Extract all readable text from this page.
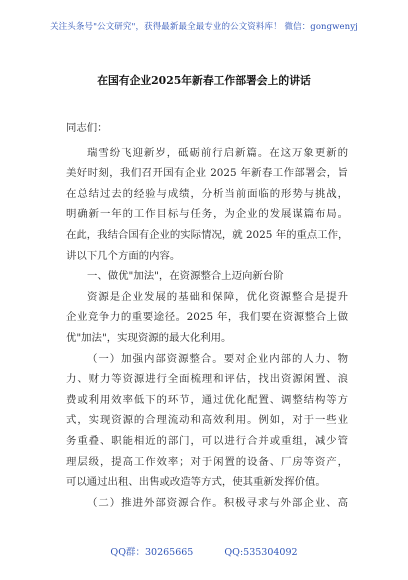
关注头条号"公文研究"，获得最新最全最专业的公文资料库！ 微信：gongwenyj
在国有企业2025年新春工作部署会上的讲话
同志们：
瑞雪纷飞迎新岁，砥砺前行启新篇。在这万象更新的
美好时刻，我们召开国有企业 2025 年新春工作部署会，旨
在总结过去的经验与成绩，分析当前面临的形势与挑战，
明确新一年的工作目标与任务，为企业的发展谋篇布局。
在此，我结合国有企业的实际情况，就 2025 年的重点工作，
讲以下几个方面的内容。
一、做优"加法"，在资源整合上迈向新台阶
资源是企业发展的基础和保障，优化资源整合是提升
企业竞争力的重要途径。2025 年，我们要在资源整合上做
优"加法"，实现资源的最大化利用。
（一）加强内部资源整合。要对企业内部的人力、物
力、财力等资源进行全面梳理和评估，找出资源闲置、浪
费或利用效率低下的环节，通过优化配置、调整结构等方
式，实现资源的合理流动和高效利用。例如，对于一些业
务重叠、职能相近的部门，可以进行合并或重组，减少管
理层级，提高工作效率；对于闲置的设备、厂房等资产，
可以通过出租、出售或改造等方式，使其重新发挥价值。
（二）推进外部资源合作。积极寻求与外部企业、高
QQ群：30265665	QQ:535304092
